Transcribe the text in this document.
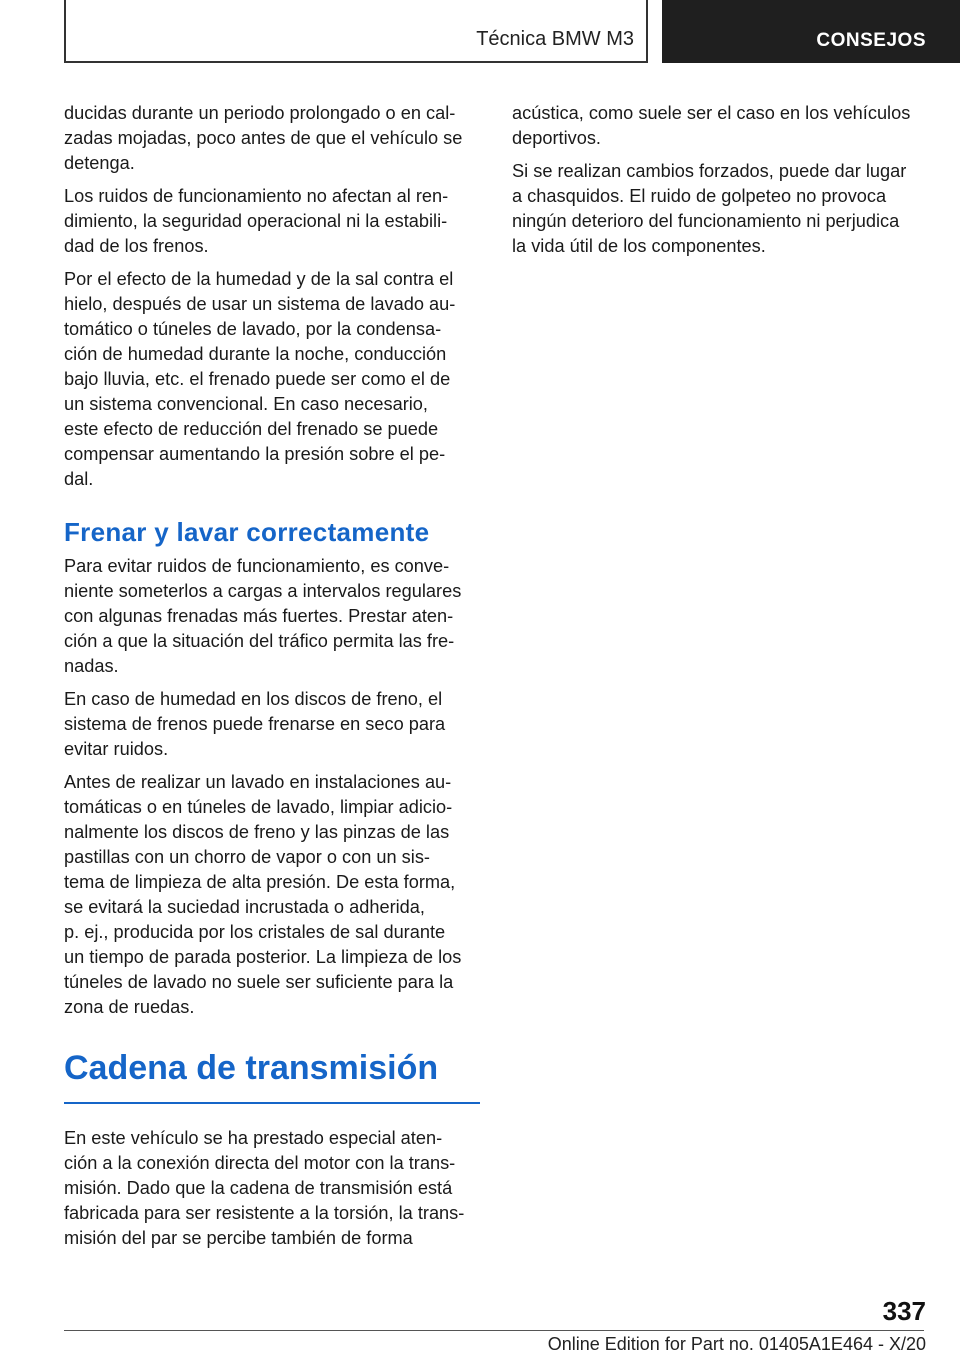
Técnica BMW M3	CONSEJOS

ducidas durante un periodo prolongado o en cal-
zadas mojadas, poco antes de que el vehículo se
detenga.

Los ruidos de funcionamiento no afectan al ren-
dimiento, la seguridad operacional ni la estabili-
dad de los frenos.

Por el efecto de la humedad y de la sal contra el
hielo, después de usar un sistema de lavado au-
tomático o túneles de lavado, por la condensa-
ción de humedad durante la noche, conducción
bajo lluvia, etc. el frenado puede ser como el de
un sistema convencional. En caso necesario,
este efecto de reducción del frenado se puede
compensar aumentando la presión sobre el pe-
dal.

Frenar y lavar correctamente

Para evitar ruidos de funcionamiento, es conve-
niente someterlos a cargas a intervalos regulares
con algunas frenadas más fuertes. Prestar aten-
ción a que la situación del tráfico permita las fre-
nadas.

En caso de humedad en los discos de freno, el
sistema de frenos puede frenarse en seco para
evitar ruidos.

Antes de realizar un lavado en instalaciones au-
tomáticas o en túneles de lavado, limpiar adicio-
nalmente los discos de freno y las pinzas de las
pastillas con un chorro de vapor o con un sis-
tema de limpieza de alta presión. De esta forma,
se evitará la suciedad incrustada o adherida,
p. ej., producida por los cristales de sal durante
un tiempo de parada posterior. La limpieza de los
túneles de lavado no suele ser suficiente para la
zona de ruedas.

Cadena de transmisión

En este vehículo se ha prestado especial aten-
ción a la conexión directa del motor con la trans-
misión. Dado que la cadena de transmisión está
fabricada para ser resistente a la torsión, la trans-
misión del par se percibe también de forma

acústica, como suele ser el caso en los vehículos
deportivos.

Si se realizan cambios forzados, puede dar lugar
a chasquidos. El ruido de golpeteo no provoca
ningún deterioro del funcionamiento ni perjudica
la vida útil de los componentes.

337
Online Edition for Part no. 01405A1E464 - X/20
